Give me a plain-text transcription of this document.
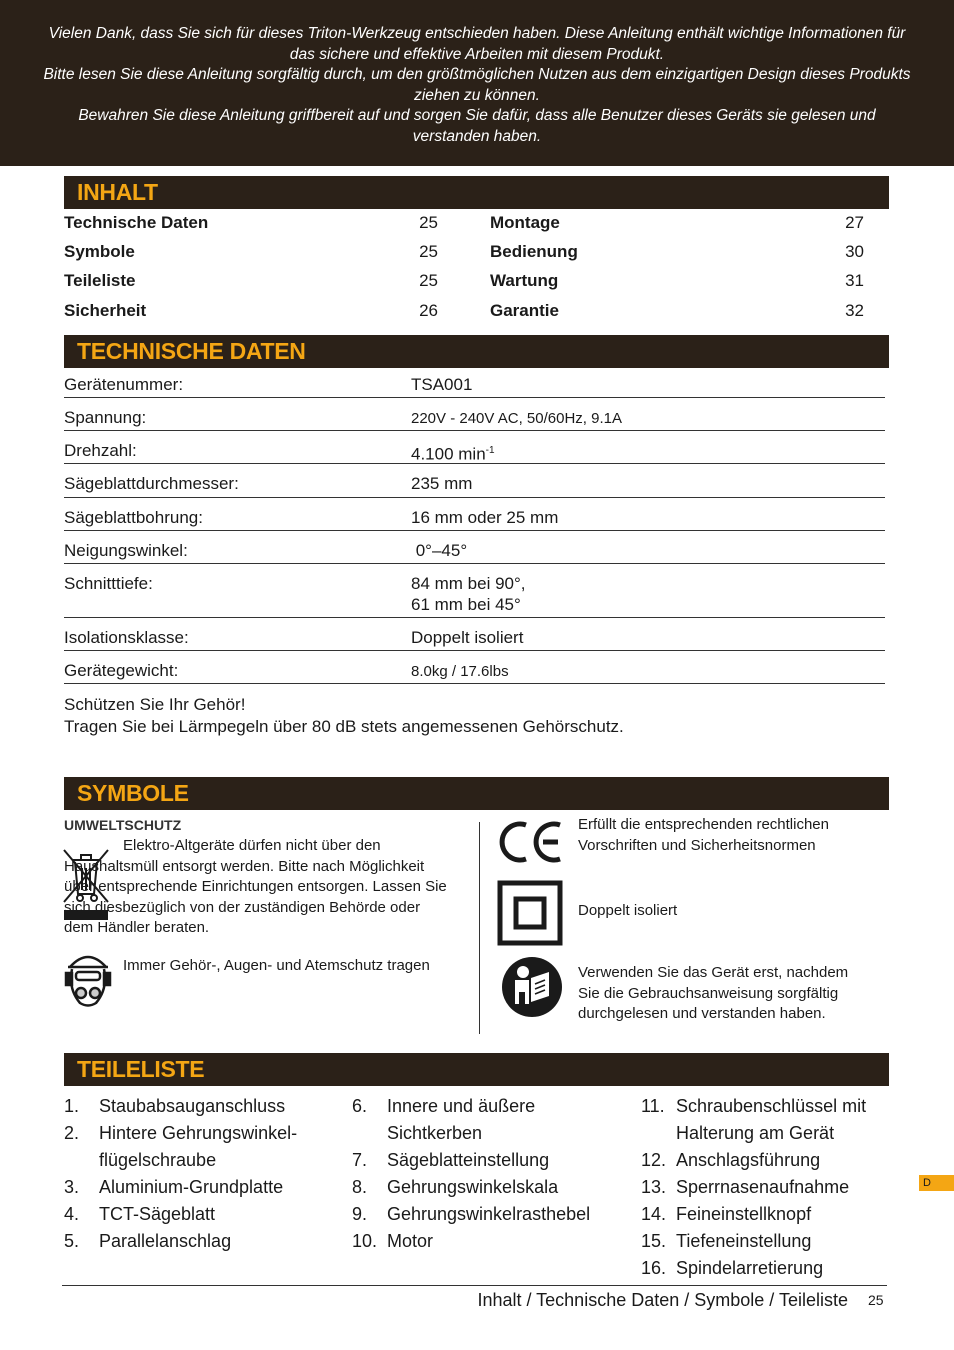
Vielen Dank, dass Sie sich für dieses Triton-Werkzeug entschieden haben. Diese Anleitung enthält wichtige Informationen für das sichere und effektive Arbeiten mit diesem Produkt.

Bitte lesen Sie diese Anleitung sorgfältig durch, um den größtmöglichen Nutzen aus dem einzigartigen Design dieses Produkts ziehen zu können.

Bewahren Sie diese Anleitung griffbereit auf und sorgen Sie dafür, dass alle Benutzer dieses Geräts sie gelesen und verstanden haben.

INHALT
Technische Daten	25
Symbole	25
Teileliste	25
Sicherheit	26
Montage	27
Bedienung	30
Wartung	31
Garantie	32
TECHNISCHE DATEN
Gerätenummer:	TSA001
Spannung:	220V - 240V AC, 50/60Hz, 9.1A
Drehzahl:	4.100 $\min^{-1}$
Sägeblattdurchmesser:	235 mm
Sägeblattbohrung:	16 mm oder 25 mm
Neigungswinkel:	0°–45°
Schnitttiefe:	84 mm bei 90°,
61 mm bei 45°
Isolationsklasse:	Doppelt isoliert
Gerätegewicht:	8.0kg / 17.6lbs
Schützen Sie Ihr Gehör!
Tragen Sie bei Lärmpegeln über 80 dB stets angemessenen Gehörschutz.
SYMBOLE
UMWELTSCHUTZ
Elektro-Altgeräte dürfen nicht über den Haushaltsmüll entsorgt werden. Bitte nach Möglichkeit über entsprechende Einrichtungen entsorgen. Lassen Sie sich diesbezüglich von der zuständigen Behörde oder dem Händler beraten.
Immer Gehör-, Augen- und Atemschutz tragen
Erfüllt die entsprechenden rechtlichen Vorschriften und Sicherheitsnormen
Doppelt isoliert
Verwenden Sie das Gerät erst, nachdem Sie die Gebrauchsanweisung sorgfältig durchgelesen und verstanden haben.
TEILELISTE
1. Staubabsauganschluss
2. Hintere Gehrungswinkel-flügelschraube
3. Aluminium-Grundplatte
4. TCT-Sägeblatt
5. Parallelanschlag
6. Innere und äußere Sichtkerben
7. Sägeblatteinstellung
8. Gehrungswinkelskala
9. Gehrungswinkelrasthebel
10. Motor
11. Schraubenschlüssel mit Halterung am Gerät
12. Anschlagsführung
13. Sperrnasenaufnahme
14. Feineinstellknopf
15. Tiefeneinstellung
16. Spindelarretierung
D
Inhalt / Technische Daten / Symbole / Teileliste 25
